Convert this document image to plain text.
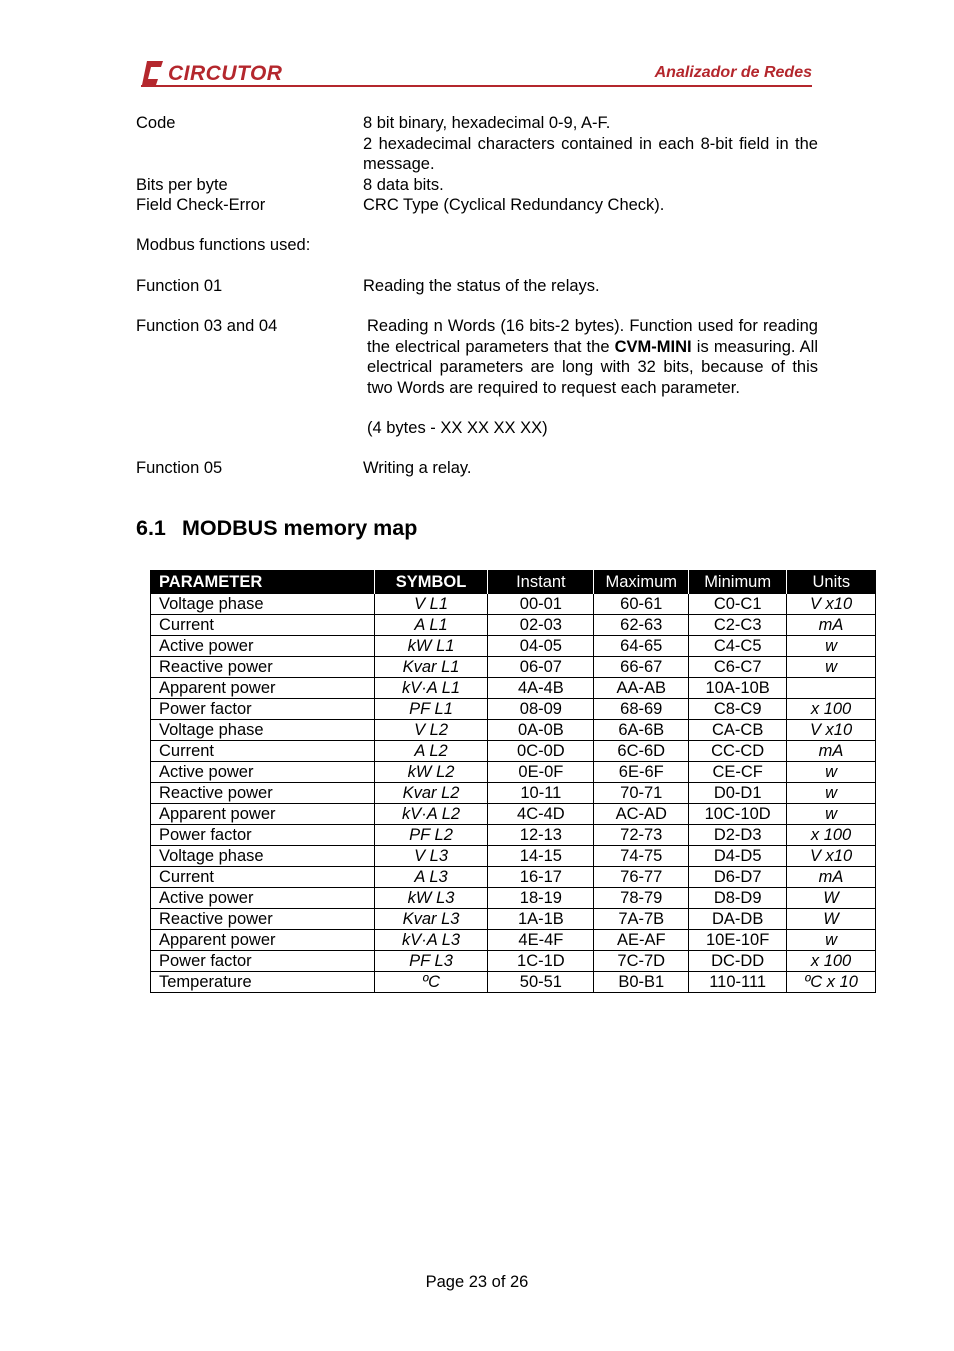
CIRCUTOR	Analizador de Redes
Code	8 bit binary, hexadecimal 0-9, A-F.
2 hexadecimal characters contained in each 8-bit field in the message.
Bits per byte	8 data bits.
Field Check-Error	CRC Type (Cyclical Redundancy Check).
Modbus functions used:
Function 01	Reading the status of the relays.
Function 03 and 04	Reading n Words (16 bits-2 bytes). Function used for reading the electrical parameters that the CVM-MINI is measuring. All electrical parameters are long with 32 bits, because of this two Words are required to request each parameter.
(4 bytes - XX XX XX XX)
Function 05	Writing a relay.
6.1 MODBUS memory map
PARAMETER	SYMBOL	Instant	Maximum	Minimum	Units
Voltage phase	V L1	00-01	60-61	C0-C1	V x10
Current	A L1	02-03	62-63	C2-C3	mA
Active power	kW L1	04-05	64-65	C4-C5	w
Reactive power	Kvar L1	06-07	66-67	C6-C7	w
Apparent power	kV·A L1	4A-4B	AA-AB	10A-10B	
Power factor	PF L1	08-09	68-69	C8-C9	x 100
Voltage phase	V L2	0A-0B	6A-6B	CA-CB	V x10
Current	A L2	0C-0D	6C-6D	CC-CD	mA
Active power	kW L2	0E-0F	6E-6F	CE-CF	w
Reactive power	Kvar L2	10-11	70-71	D0-D1	w
Apparent power	kV·A L2	4C-4D	AC-AD	10C-10D	w
Power factor	PF L2	12-13	72-73	D2-D3	x 100
Voltage phase	V L3	14-15	74-75	D4-D5	V x10
Current	A L3	16-17	76-77	D6-D7	mA
Active power	kW L3	18-19	78-79	D8-D9	W
Reactive power	Kvar L3	1A-1B	7A-7B	DA-DB	W
Apparent power	kV·A L3	4E-4F	AE-AF	10E-10F	w
Power factor	PF L3	1C-1D	7C-7D	DC-DD	x 100
Temperature	ºC	50-51	B0-B1	110-111	ºC x 10
Page 23 of 26
